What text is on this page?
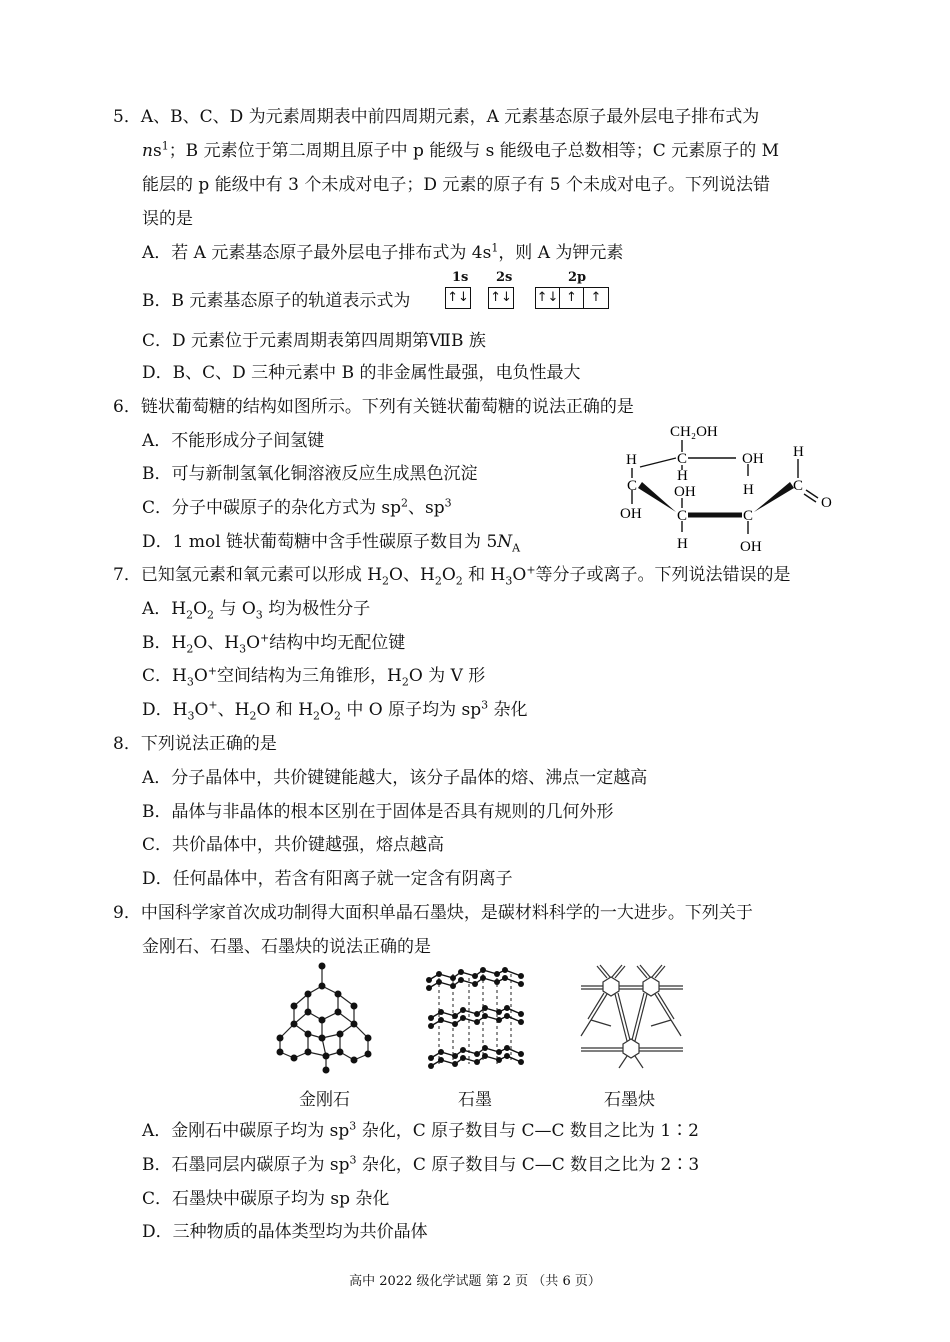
5．A、B、C、D 为元素周期表中前四周期元素，A 元素基态原子最外层电子排布式为
$ns^1$；B 元素位于第二周期且原子中 p 能级与 s 能级电子总数相等；C 元素原子的 M
能层的 p 能级中有 3 个未成对电子；D 元素的原子有 5 个未成对电子。下列说法错
误的是
A．若 A 元素基态原子最外层电子排布式为 $4s^1$，则 A 为钾元素
B．B 元素基态原子的轨道表示式为
1s 2s	2p
↑↓ ↑↓ ↑↓ ↑	↑
C．D 元素位于元素周期表第四周期第ⅦB 族
D．B、C、D 三种元素中 B 的非金属性最强，电负性最大
6．链状葡萄糖的结构如图所示。下列有关链状葡萄糖的说法正确的是
A．不能形成分子间氢键
B．可与新制氢氧化铜溶液反应生成黑色沉淀
C．分子中碳原子的杂化方式为 $sp^2$、$sp^3$
D．1 mol 链状葡萄糖中含手性碳原子数目为 $5N_A$
CH₂OH
C	OH
H
H
C
OH
OH
C
H
H
C
OH
H
C
O
7．已知氢元素和氧元素可以形成 $H_2O$、$H_2O_2$ 和 $H_3O^+$等分子或离子。下列说法错误的是
A．$H_2O_2$ 与 $O_3$ 均为极性分子
B．$H_2O$、$H_3O^+$结构中均无配位键
C．$H_3O^+$空间结构为三角锥形，$H_2O$ 为 V 形
D．$H_3O^+$、$H_2O$ 和 $H_2O_2$ 中 O 原子均为 $sp^3$ 杂化
8．下列说法正确的是
A．分子晶体中，共价键键能越大，该分子晶体的熔、沸点一定越高
B．晶体与非晶体的根本区别在于固体是否具有规则的几何外形
C．共价晶体中，共价键越强，熔点越高
D．任何晶体中，若含有阳离子就一定含有阴离子
9．中国科学家首次成功制得大面积单晶石墨炔，是碳材料科学的一大进步。下列关于
金刚石、石墨、石墨炔的说法正确的是
金刚石	石墨	石墨炔
A．金刚石中碳原子均为 $sp^3$ 杂化，C 原子数目与 C—C 数目之比为 1∶2
B．石墨同层内碳原子为 $sp^3$ 杂化，C 原子数目与 C—C 数目之比为 2∶3
C．石墨炔中碳原子均为 sp 杂化
D．三种物质的晶体类型均为共价晶体
高中 2022 级化学试题 第 2 页 （共 6 页）
